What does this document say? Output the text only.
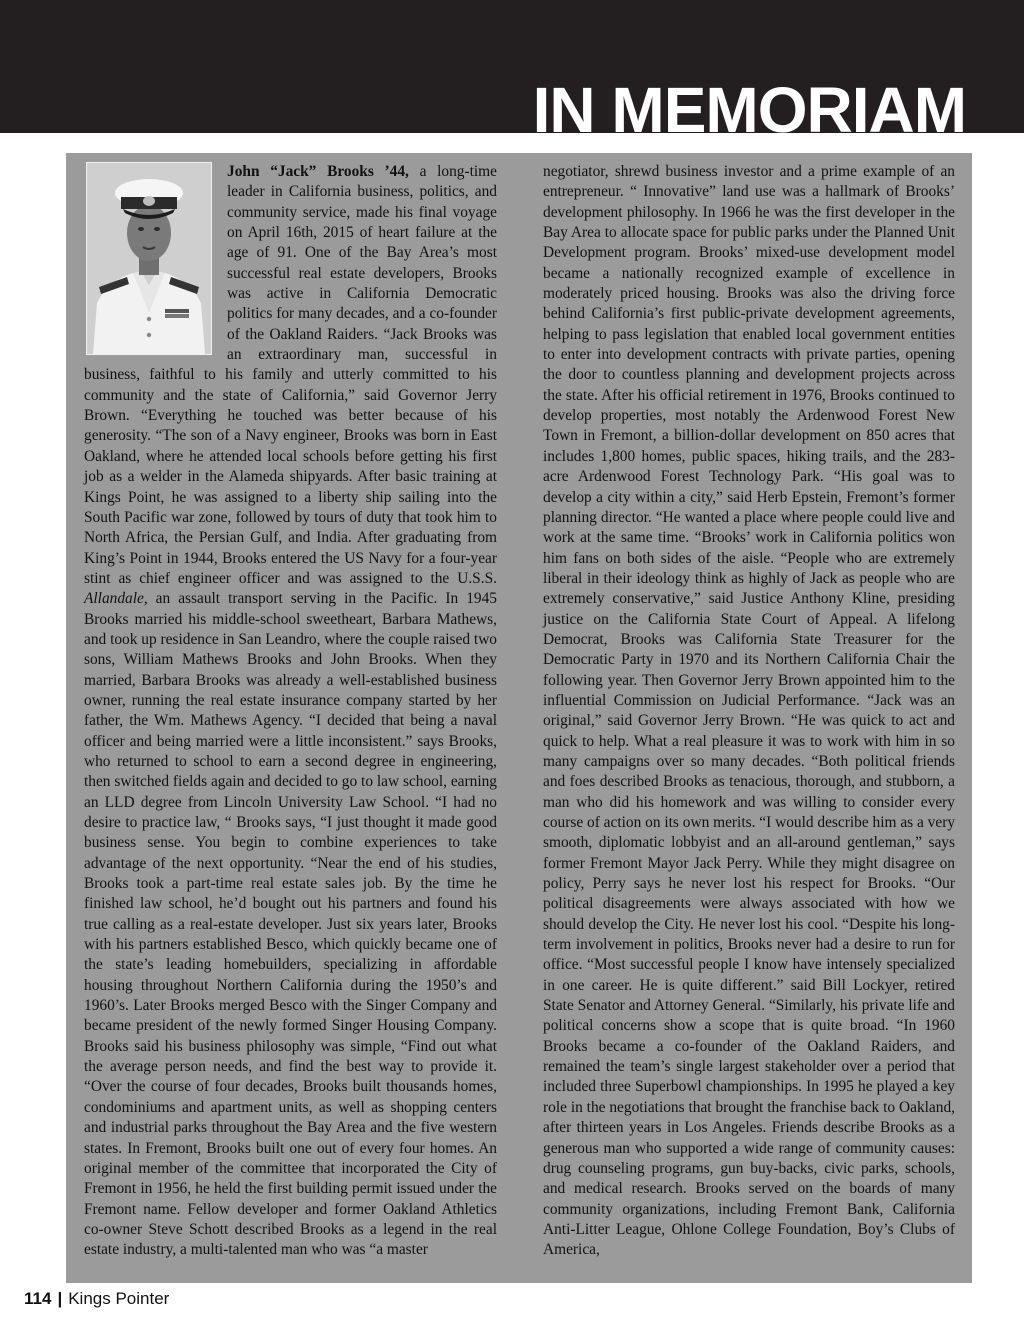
IN MEMORIAM

John “Jack” Brooks ’44, a long-time leader in California business, politics, and community service, made his final voyage on April 16th, 2015 of heart failure at the age of 91. One of the Bay Area’s most successful real estate developers, Brooks was active in California Democratic politics for many decades, and a co-founder of the Oakland Raiders. “Jack Brooks was an extraordinary man, successful in business, faithful to his family and utterly committed to his community and the state of California,” said Governor Jerry Brown. “Everything he touched was better because of his generosity. “The son of a Navy engineer, Brooks was born in East Oakland, where he attended local schools before getting his first job as a welder in the Alameda shipyards. After basic training at Kings Point, he was assigned to a liberty ship sailing into the South Pacific war zone, followed by tours of duty that took him to North Africa, the Persian Gulf, and India. After graduating from King’s Point in 1944, Brooks entered the US Navy for a four-year stint as chief engineer officer and was assigned to the U.S.S. Allandale, an assault transport serving in the Pacific. In 1945 Brooks married his middle-school sweetheart, Barbara Mathews, and took up residence in San Leandro, where the couple raised two sons, William Mathews Brooks and John Brooks. When they married, Barbara Brooks was already a well-established business owner, running the real estate insurance company started by her father, the Wm. Mathews Agency. “I decided that being a naval officer and being married were a little inconsistent.” says Brooks, who returned to school to earn a second degree in engineering, then switched fields again and decided to go to law school, earning an LLD degree from Lincoln University Law School. “I had no desire to practice law, “ Brooks says, “I just thought it made good business sense. You begin to combine experiences to take advantage of the next opportunity. “Near the end of his studies, Brooks took a part-time real estate sales job. By the time he finished law school, he’d bought out his partners and found his true calling as a real-estate developer. Just six years later, Brooks with his partners established Besco, which quickly became one of the state’s leading homebuilders, specializing in affordable housing throughout Northern California during the 1950’s and 1960’s. Later Brooks merged Besco with the Singer Company and became president of the newly formed Singer Housing Company. Brooks said his business philosophy was simple, “Find out what the average person needs, and find the best way to provide it. “Over the course of four decades, Brooks built thousands homes, condominiums and apartment units, as well as shopping centers and industrial parks throughout the Bay Area and the five western states. In Fremont, Brooks built one out of every four homes. An original member of the committee that incorporated the City of Fremont in 1956, he held the first building permit issued under the Fremont name. Fellow developer and former Oakland Athletics co-owner Steve Schott described Brooks as a legend in the real estate industry, a multi-talented man who was “a master

negotiator, shrewd business investor and a prime example of an entrepreneur. “ Innovative” land use was a hallmark of Brooks’ development philosophy. In 1966 he was the first developer in the Bay Area to allocate space for public parks under the Planned Unit Development program. Brooks’ mixed-use development model became a nationally recognized example of excellence in moderately priced housing. Brooks was also the driving force behind California’s first public-private development agreements, helping to pass legislation that enabled local government entities to enter into development contracts with private parties, opening the door to countless planning and development projects across the state. After his official retirement in 1976, Brooks continued to develop properties, most notably the Ardenwood Forest New Town in Fremont, a billion-dollar development on 850 acres that includes 1,800 homes, public spaces, hiking trails, and the 283-acre Ardenwood Forest Technology Park. “His goal was to develop a city within a city,” said Herb Epstein, Fremont’s former planning director. “He wanted a place where people could live and work at the same time. “Brooks’ work in California politics won him fans on both sides of the aisle. “People who are extremely liberal in their ideology think as highly of Jack as people who are extremely conservative,” said Justice Anthony Kline, presiding justice on the California State Court of Appeal. A lifelong Democrat, Brooks was California State Treasurer for the Democratic Party in 1970 and its Northern California Chair the following year. Then Governor Jerry Brown appointed him to the influential Commission on Judicial Performance. “Jack was an original,” said Governor Jerry Brown. “He was quick to act and quick to help. What a real pleasure it was to work with him in so many campaigns over so many decades. “Both political friends and foes described Brooks as tenacious, thorough, and stubborn, a man who did his homework and was willing to consider every course of action on its own merits. “I would describe him as a very smooth, diplomatic lobbyist and an all-around gentleman,” says former Fremont Mayor Jack Perry. While they might disagree on policy, Perry says he never lost his respect for Brooks. “Our political disagreements were always associated with how we should develop the City. He never lost his cool. “Despite his long-term involvement in politics, Brooks never had a desire to run for office. “Most successful people I know have intensely specialized in one career. He is quite different.” said Bill Lockyer, retired State Senator and Attorney General. “Similarly, his private life and political concerns show a scope that is quite broad. “In 1960 Brooks became a co-founder of the Oakland Raiders, and remained the team’s single largest stakeholder over a period that included three Superbowl championships. In 1995 he played a key role in the negotiations that brought the franchise back to Oakland, after thirteen years in Los Angeles. Friends describe Brooks as a generous man who supported a wide range of community causes: drug counseling programs, gun buy-backs, civic parks, schools, and medical research. Brooks served on the boards of many community organizations, including Fremont Bank, California Anti-Litter League, Ohlone College Foundation, Boy’s Clubs of America,

114 | Kings Pointer
